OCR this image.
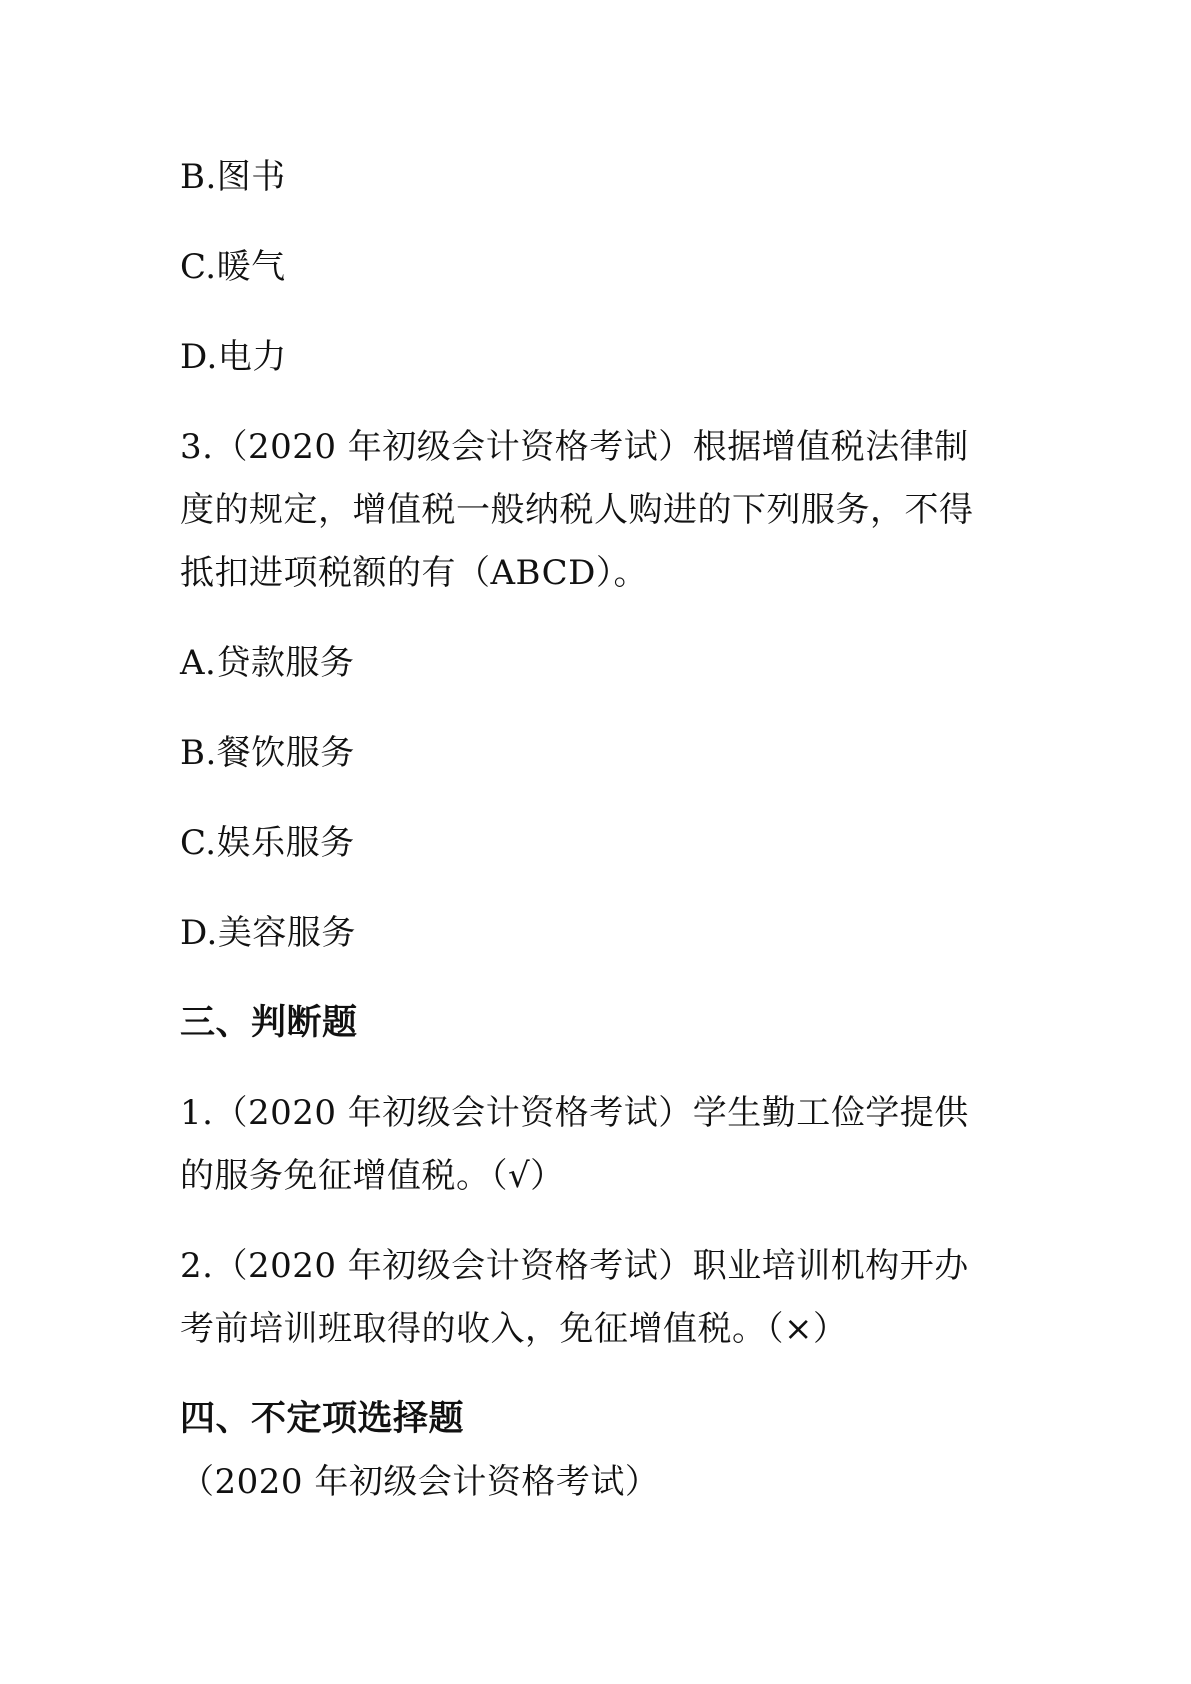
B.图书
C.暖气
D.电力
3.（2020 年初级会计资格考试）根据增值税法律制
度的规定，增值税一般纳税人购进的下列服务，不得
抵扣进项税额的有（ABCD）。
A.贷款服务
B.餐饮服务
C.娱乐服务
D.美容服务
三、判断题
1.（2020 年初级会计资格考试）学生勤工俭学提供
的服务免征增值税。（√）
2.（2020 年初级会计资格考试）职业培训机构开办
考前培训班取得的收入，免征增值税。（×）
四、不定项选择题
（2020 年初级会计资格考试）
